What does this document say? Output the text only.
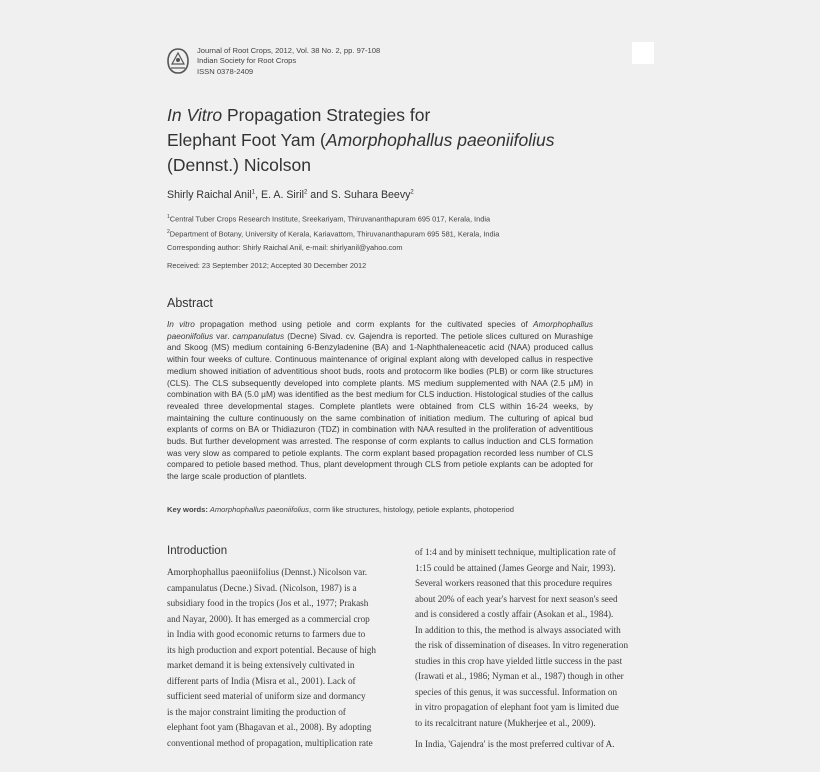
Journal of Root Crops, 2012, Vol. 38 No. 2, pp. 97-108
Indian Society for Root Crops
ISSN 0378-2409
In Vitro Propagation Strategies for
Elephant Foot Yam (Amorphophallus paeoniifolius
(Dennst.) Nicolson
Shirly Raichal Anil$^1$, E. A. Siril$^2$ and S. Suhara Beevy$^2$
$^1$Central Tuber Crops Research Institute, Sreekariyam, Thiruvananthapuram 695 017, Kerala, India
$^2$Department of Botany, University of Kerala, Kariavattom, Thiruvananthapuram 695 581, Kerala, India
Corresponding author: Shirly Raichal Anil, e-mail: shirlyanil@yahoo.com
Received: 23 September 2012; Accepted 30 December 2012
Abstract
In vitro propagation method using petiole and corm explants for the cultivated species of Amorphophallus paeoniifolius var. campanulatus (Decne) Sivad. cv. Gajendra is reported. The petiole slices cultured on Murashige and Skoog (MS) medium containing 6-Benzyladenine (BA) and 1-Naphthaleneacetic acid (NAA) produced callus within four weeks of culture. Continuous maintenance of original explant along with developed callus in respective medium showed initiation of adventitious shoot buds, roots and protocorm like bodies (PLB) or corm like structures (CLS). The CLS subsequently developed into complete plants. MS medium supplemented with NAA (2.5 µM) in combination with BA (5.0 µM) was identified as the best medium for CLS induction. Histological studies of the callus revealed three developmental stages. Complete plantlets were obtained from CLS within 16-24 weeks, by maintaining the culture continuously on the same combination of initiation medium. The culturing of apical bud explants of corms on BA or Thidiazuron (TDZ) in combination with NAA resulted in the proliferation of adventitious buds. But further development was arrested. The response of corm explants to callus induction and CLS formation was very slow as compared to petiole explants. The corm explant based propagation recorded less number of CLS compared to petiole based method. Thus, plant development through CLS from petiole explants can be adopted for the large scale production of plantlets.
Key words: Amorphophallus paeoniifolius, corm like structures, histology, petiole explants, photoperiod
Introduction
Amorphophallus paeoniifolius (Dennst.) Nicolson var.
campanulatus (Decne.) Sivad. (Nicolson, 1987) is a
subsidiary food in the tropics (Jos et al., 1977; Prakash
and Nayar, 2000). It has emerged as a commercial crop
in India with good economic returns to farmers due to
its high production and export potential. Because of high
market demand it is being extensively cultivated in
different parts of India (Misra et al., 2001). Lack of
sufficient seed material of uniform size and dormancy
is the major constraint limiting the production of
elephant foot yam (Bhagavan et al., 2008). By adopting
conventional method of propagation, multiplication rate
of 1:4 and by minisett technique, multiplication rate of
1:15 could be attained (James George and Nair, 1993).
Several workers reasoned that this procedure requires
about 20% of each year's harvest for next season's seed
and is considered a costly affair (Asokan et al., 1984).
In addition to this, the method is always associated with
the risk of dissemination of diseases. In vitro regeneration
studies in this crop have yielded little success in the past
(Irawati et al., 1986; Nyman et al., 1987) though in other
species of this genus, it was successful. Information on
in vitro propagation of elephant foot yam is limited due
to its recalcitrant nature (Mukherjee et al., 2009).
In India, 'Gajendra' is the most preferred cultivar of A.
